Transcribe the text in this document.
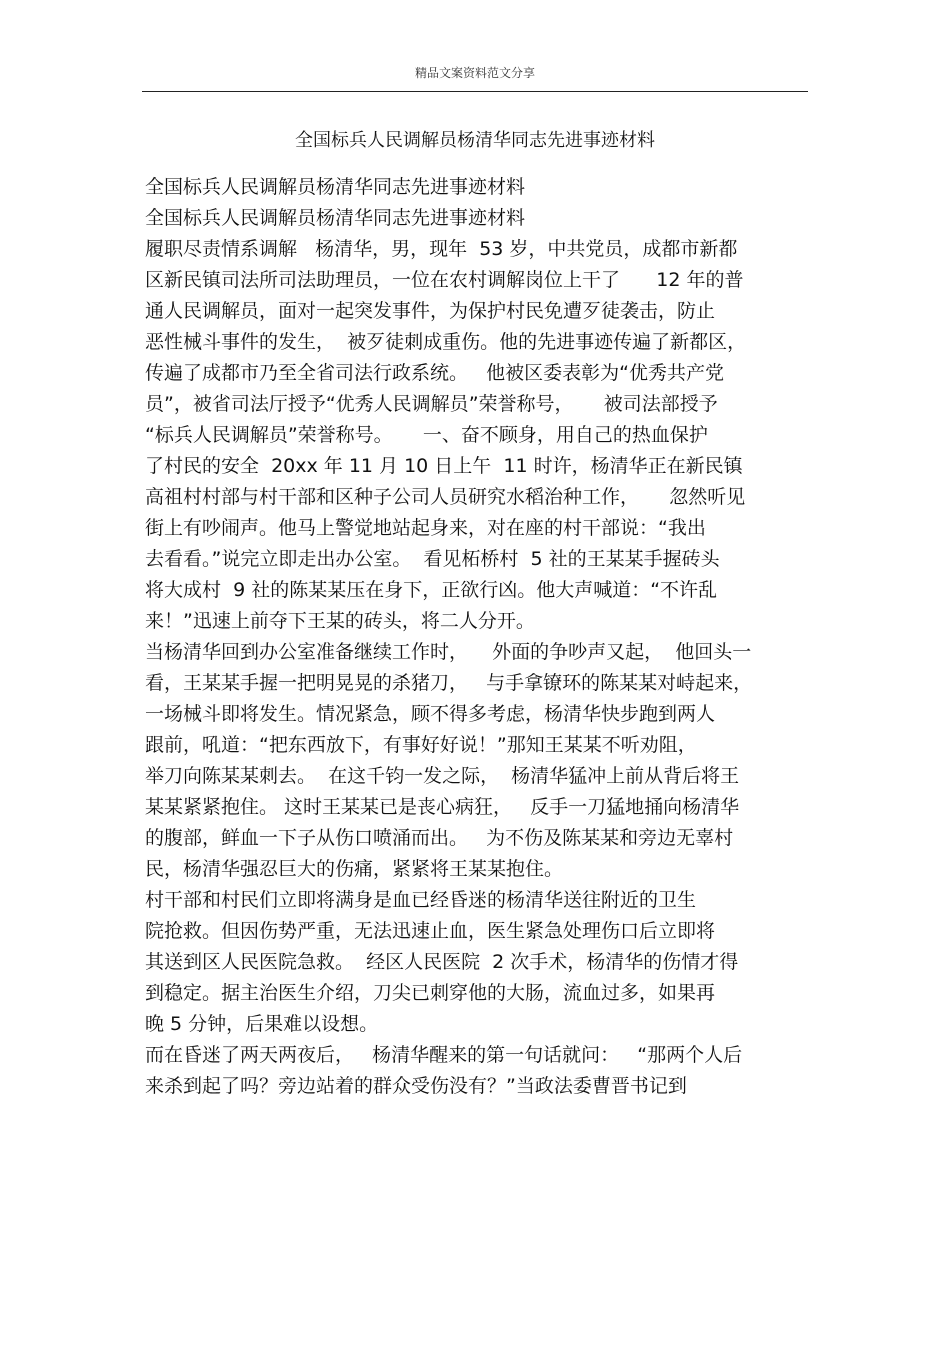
精品文案资料范文分享
全国标兵人民调解员杨清华同志先进事迹材料

全国标兵人民调解员杨清华同志先进事迹材料

全国标兵人民调解员杨清华同志先进事迹材料

履职尽责情系调解   杨清华，男，现年  53 岁，中共党员，成都市新都

区新民镇司法所司法助理员，一位在农村调解岗位上干了      12 年的普

通人民调解员，面对一起突发事件，为保护村民免遭歹徒袭击，防止

恶性械斗事件的发生，  被歹徒刺成重伤。他的先进事迹传遍了新都区，

传遍了成都市乃至全省司法行政系统。   他被区委表彰为“优秀共产党

员”，被省司法厅授予“优秀人民调解员”荣誉称号，     被司法部授予

“标兵人民调解员”荣誉称号。     一、奋不顾身，用自己的热血保护

了村民的安全  20xx 年 11 月 10 日上午  11 时许，杨清华正在新民镇

高祖村村部与村干部和区种子公司人员研究水稻治种工作，     忽然听见

街上有吵闹声。他马上警觉地站起身来，对在座的村干部说：“我出

去看看。”说完立即走出办公室。  看见柘桥村  5 社的王某某手握砖头

将大成村  9 社的陈某某压在身下，正欲行凶。他大声喊道：“不许乱

来！”迅速上前夺下王某的砖头，将二人分开。

当杨清华回到办公室准备继续工作时，    外面的争吵声又起，  他回头一

看，王某某手握一把明晃晃的杀猪刀，   与手拿镣环的陈某某对峙起来，

一场械斗即将发生。情况紧急，顾不得多考虑，杨清华快步跑到两人

跟前，吼道：“把东西放下，有事好好说！”那知王某某不听劝阻，

举刀向陈某某刺去。  在这千钧一发之际，  杨清华猛冲上前从背后将王

某某紧紧抱住。 这时王某某已是丧心病狂，   反手一刀猛地捅向杨清华

的腹部，鲜血一下子从伤口喷涌而出。   为不伤及陈某某和旁边无辜村

民，杨清华强忍巨大的伤痛，紧紧将王某某抱住。

村干部和村民们立即将满身是血已经昏迷的杨清华送往附近的卫生

院抢救。但因伤势严重，无法迅速止血，医生紧急处理伤口后立即将

其送到区人民医院急救。  经区人民医院  2 次手术，杨清华的伤情才得

到稳定。据主治医生介绍，刀尖已刺穿他的大肠，流血过多，如果再

晚 5 分钟，后果难以设想。

而在昏迷了两天两夜后，   杨清华醒来的第一句话就问：   “那两个人后

来杀到起了吗？旁边站着的群众受伤没有？”当政法委曹晋书记到
